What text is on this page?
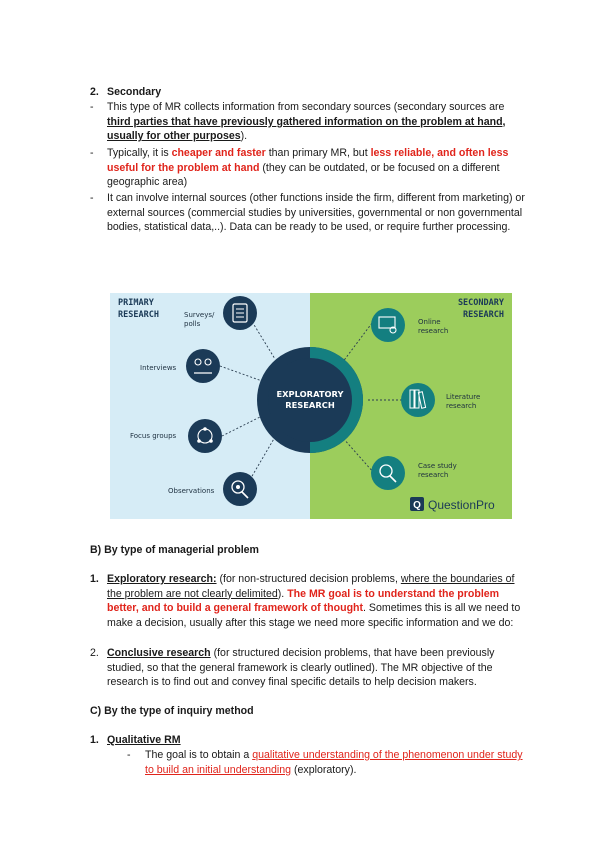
2. Secondary
- This type of MR collects information from secondary sources (secondary sources are third parties that have previously gathered information on the problem at hand, usually for other purposes).
- Typically, it is cheaper and faster than primary MR, but less reliable, and often less useful for the problem at hand (they can be outdated, or be focused on a different geographic area)
- It can involve internal sources (other functions inside the firm, different from marketing) or external sources (commercial studies by universities, governmental or non governmental bodies, statistical data,..). Data can be ready to be used, or require further processing.
PRIMARY
RESEARCH
SECONDARY
RESEARCH
EXPLORATORY
RESEARCH
Surveys/
polls
Interviews
Focus groups
Observations
Online
research
Literature
research
Case study
research
Q QuestionPro
B) By type of managerial problem
1. Exploratory research: (for non-structured decision problems, where the boundaries of the problem are not clearly delimited). The MR goal is to understand the problem better, and to build a general framework of thought. Sometimes this is all we need to make a decision, usually after this stage we need more specific information and we do:
2. Conclusive research (for structured decision problems, that have been previously studied, so that the general framework is clearly outlined). The MR objective of the research is to find out and convey final specific details to help decision makers.
C) By the type of inquiry method
1. Qualitative RM
- The goal is to obtain a qualitative understanding of the phenomenon under study to build an initial understanding (exploratory).
